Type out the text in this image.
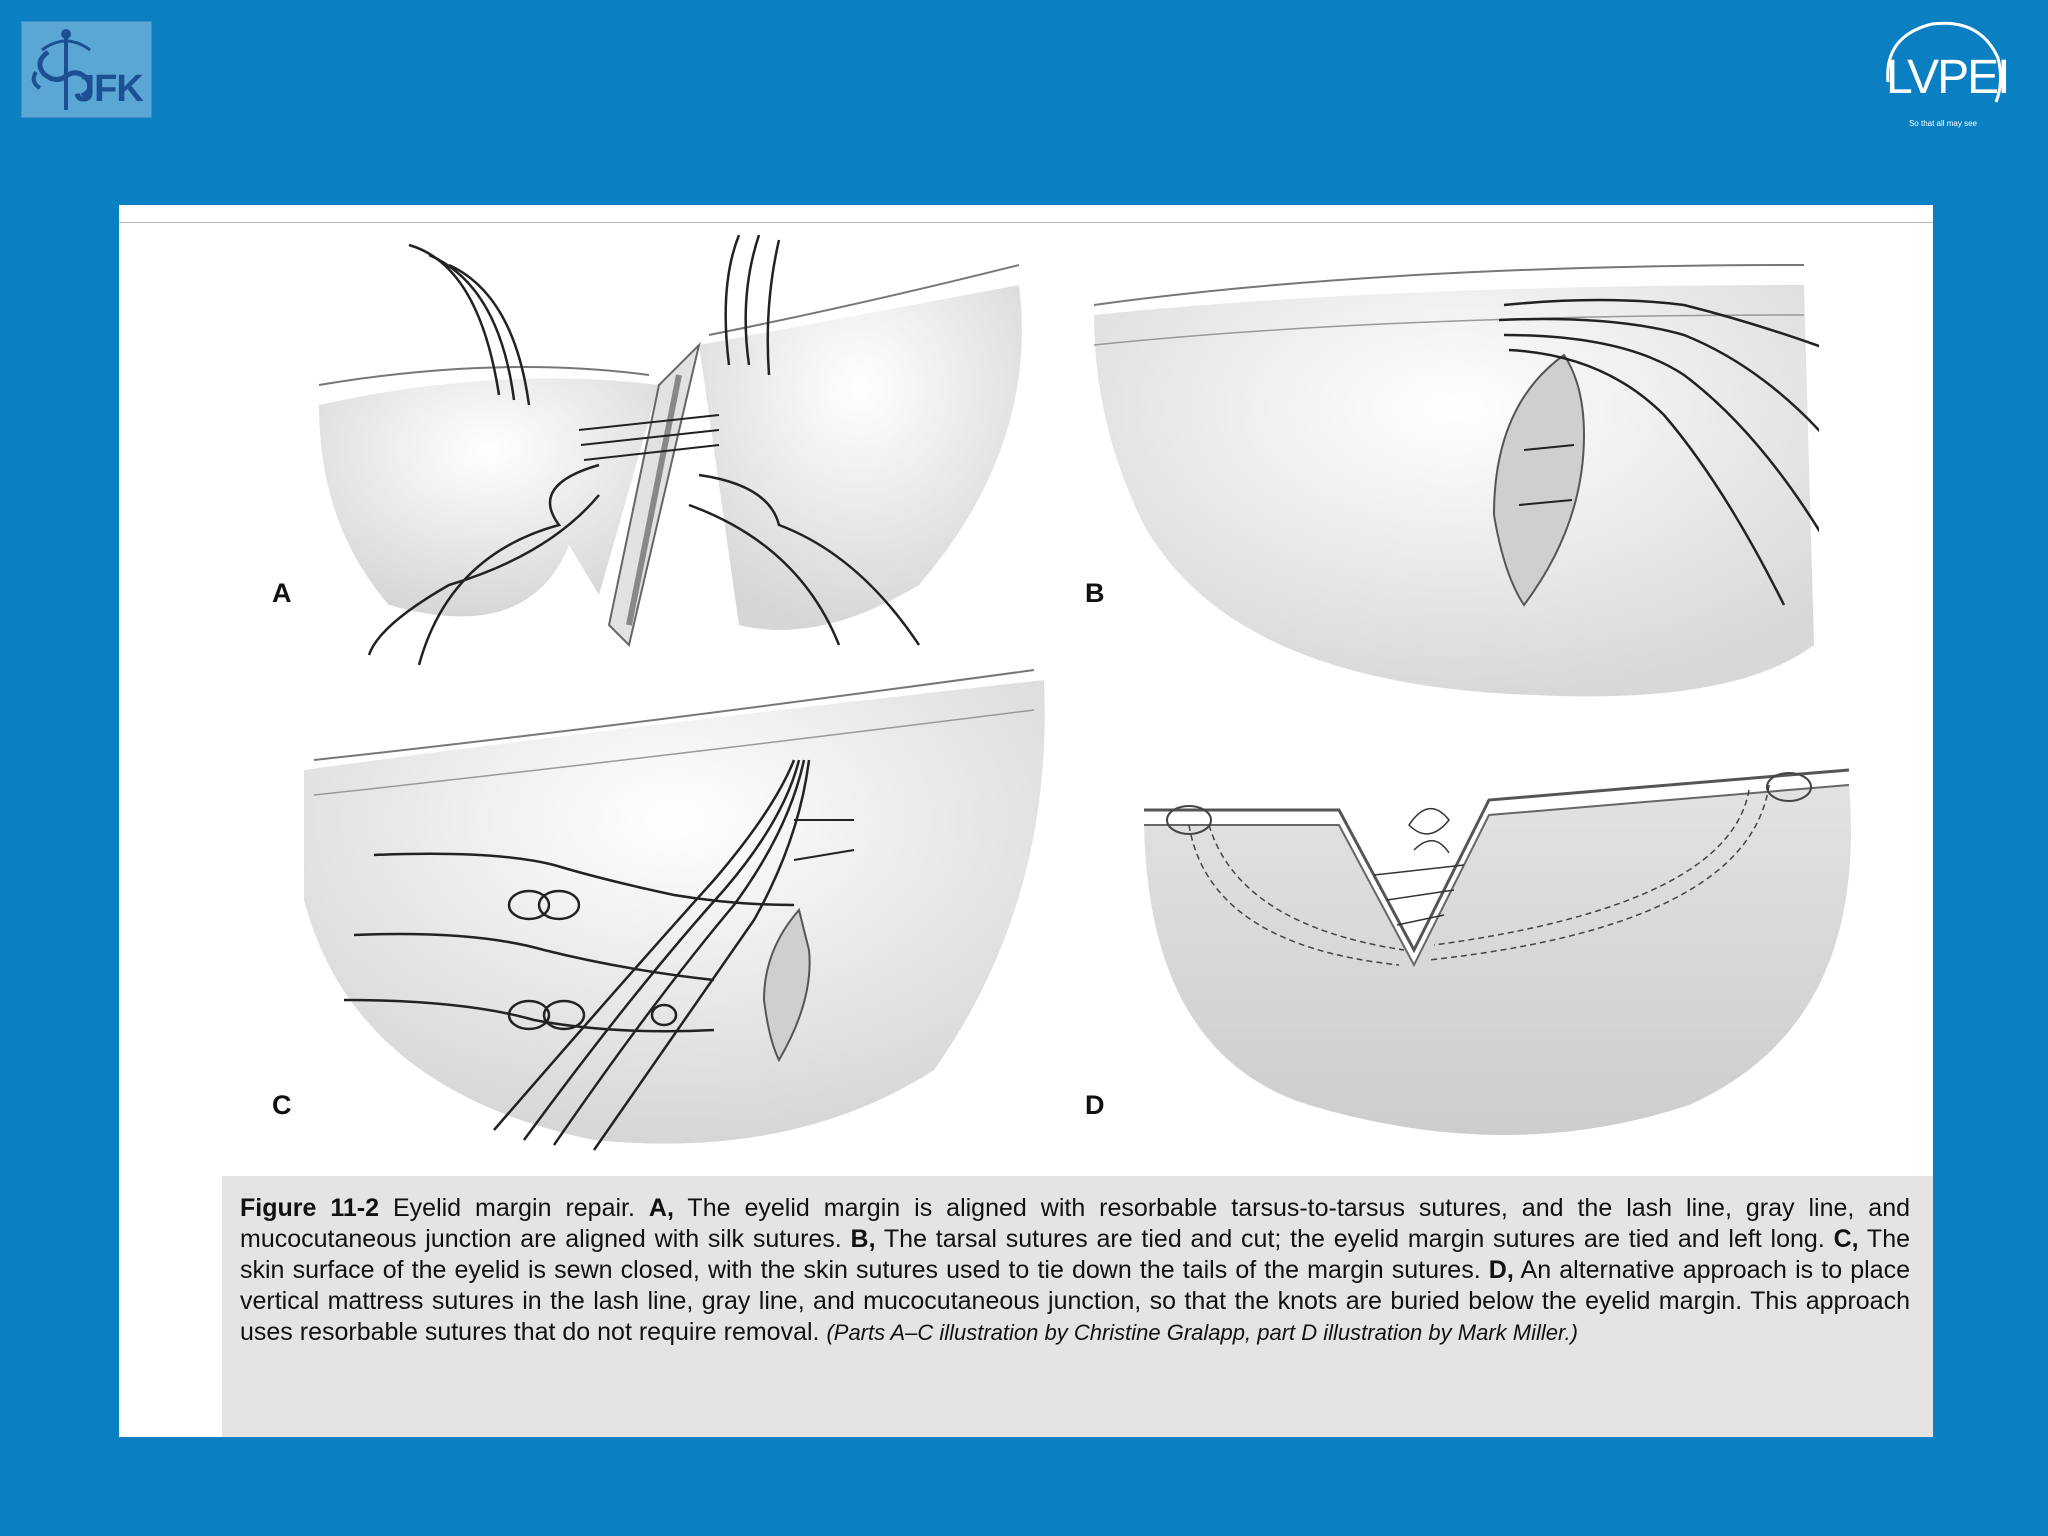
JFK	LVPEI
So that all may see
A	B
C	D

Figure 11-2 Eyelid margin repair. A, The eyelid margin is aligned with resorbable tarsus-to-tarsus sutures, and the lash line, gray line, and mucocutaneous junction are aligned with silk sutures. B, The tarsal sutures are tied and cut; the eyelid margin sutures are tied and left long. C, The skin surface of the eyelid is sewn closed, with the skin sutures used to tie down the tails of the margin sutures. D, An alternative approach is to place vertical mattress sutures in the lash line, gray line, and mucocutaneous junction, so that the knots are buried below the eyelid margin. This approach uses resorbable sutures that do not require removal. (Parts A–C illustration by Christine Gralapp, part D illustration by Mark Miller.)
